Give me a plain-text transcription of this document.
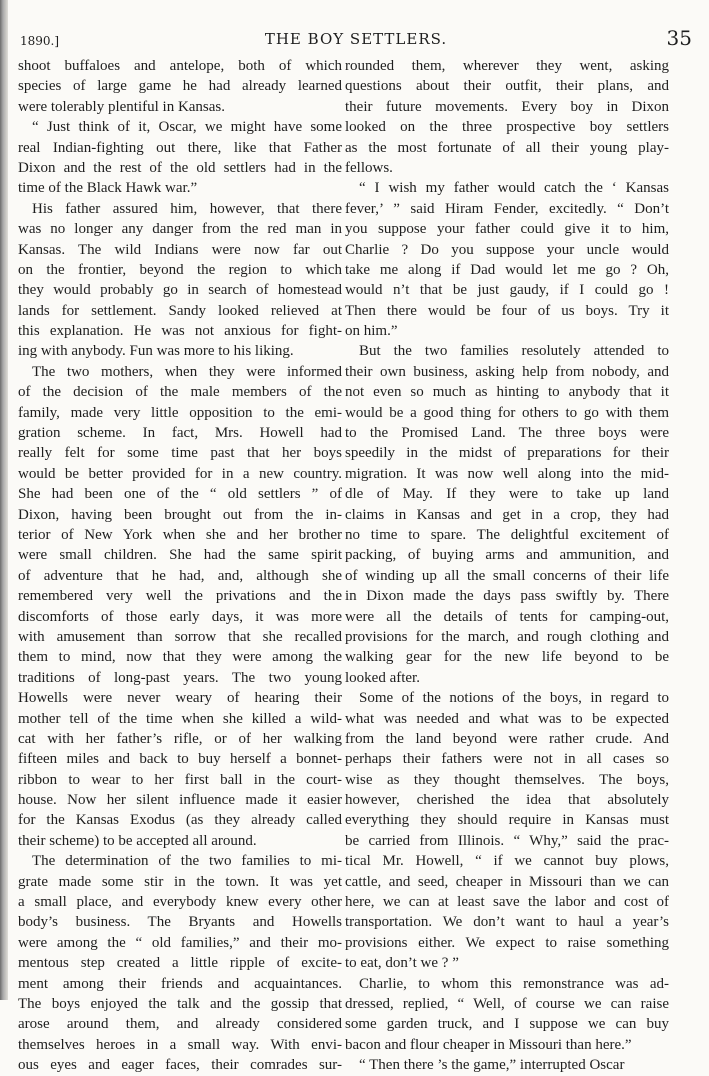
1890.]	THE BOY SETTLERS.	35
shoot buffaloes and antelope, both of which
species of large game he had already learned
were tolerably plentiful in Kansas.
“ Just think of it, Oscar, we might have some
real Indian-fighting out there, like that Father
Dixon and the rest of the old settlers had in the
time of the Black Hawk war.”
His father assured him, however, that there
was no longer any danger from the red man in
Kansas. The wild Indians were now far out
on the frontier, beyond the region to which
they would probably go in search of homestead
lands for settlement. Sandy looked relieved at
this explanation. He was not anxious for fight-
ing with anybody. Fun was more to his liking.
The two mothers, when they were informed
of the decision of the male members of the
family, made very little opposition to the emi-
gration scheme. In fact, Mrs. Howell had
really felt for some time past that her boys
would be better provided for in a new country.
She had been one of the “ old settlers ” of
Dixon, having been brought out from the in-
terior of New York when she and her brother
were small children. She had the same spirit
of adventure that he had, and, although she
remembered very well the privations and the
discomforts of those early days, it was more
with amusement than sorrow that she recalled
them to mind, now that they were among the
traditions of long-past years. The two young
Howells were never weary of hearing their
mother tell of the time when she killed a wild-
cat with her father’s rifle, or of her walking
fifteen miles and back to buy herself a bonnet-
ribbon to wear to her first ball in the court-
house. Now her silent influence made it easier
for the Kansas Exodus (as they already called
their scheme) to be accepted all around.
The determination of the two families to mi-
grate made some stir in the town. It was yet
a small place, and everybody knew every other
body’s business. The Bryants and Howells
were among the “ old families,” and their mo-
mentous step created a little ripple of excite-
ment among their friends and acquaintances.
The boys enjoyed the talk and the gossip that
arose around them, and already considered
themselves heroes in a small way. With envi-
ous eyes and eager faces, their comrades sur-
rounded them, wherever they went, asking
questions about their outfit, their plans, and
their future movements. Every boy in Dixon
looked on the three prospective boy settlers
as the most fortunate of all their young play-
fellows.
“ I wish my father would catch the ‘ Kansas
fever,’ ” said Hiram Fender, excitedly. “ Don’t
you suppose your father could give it to him,
Charlie ? Do you suppose your uncle would
take me along if Dad would let me go ? Oh,
would n’t that be just gaudy, if I could go !
Then there would be four of us boys. Try it
on him.”
But the two families resolutely attended to
their own business, asking help from nobody, and
not even so much as hinting to anybody that it
would be a good thing for others to go with them
to the Promised Land. The three boys were
speedily in the midst of preparations for their
migration. It was now well along into the mid-
dle of May. If they were to take up land
claims in Kansas and get in a crop, they had
no time to spare. The delightful excitement of
packing, of buying arms and ammunition, and
of winding up all the small concerns of their life
in Dixon made the days pass swiftly by. There
were all the details of tents for camping-out,
provisions for the march, and rough clothing and
walking gear for the new life beyond to be
looked after.
Some of the notions of the boys, in regard to
what was needed and what was to be expected
from the land beyond were rather crude. And
perhaps their fathers were not in all cases so
wise as they thought themselves. The boys,
however, cherished the idea that absolutely
everything they should require in Kansas must
be carried from Illinois. “ Why,” said the prac-
tical Mr. Howell, “ if we cannot buy plows,
cattle, and seed, cheaper in Missouri than we can
here, we can at least save the labor and cost of
transportation. We don’t want to haul a year’s
provisions either. We expect to raise something
to eat, don’t we ? ”
Charlie, to whom this remonstrance was ad-
dressed, replied, “ Well, of course we can raise
some garden truck, and I suppose we can buy
bacon and flour cheaper in Missouri than here.”
“ Then there ’s the game,” interrupted Oscar
